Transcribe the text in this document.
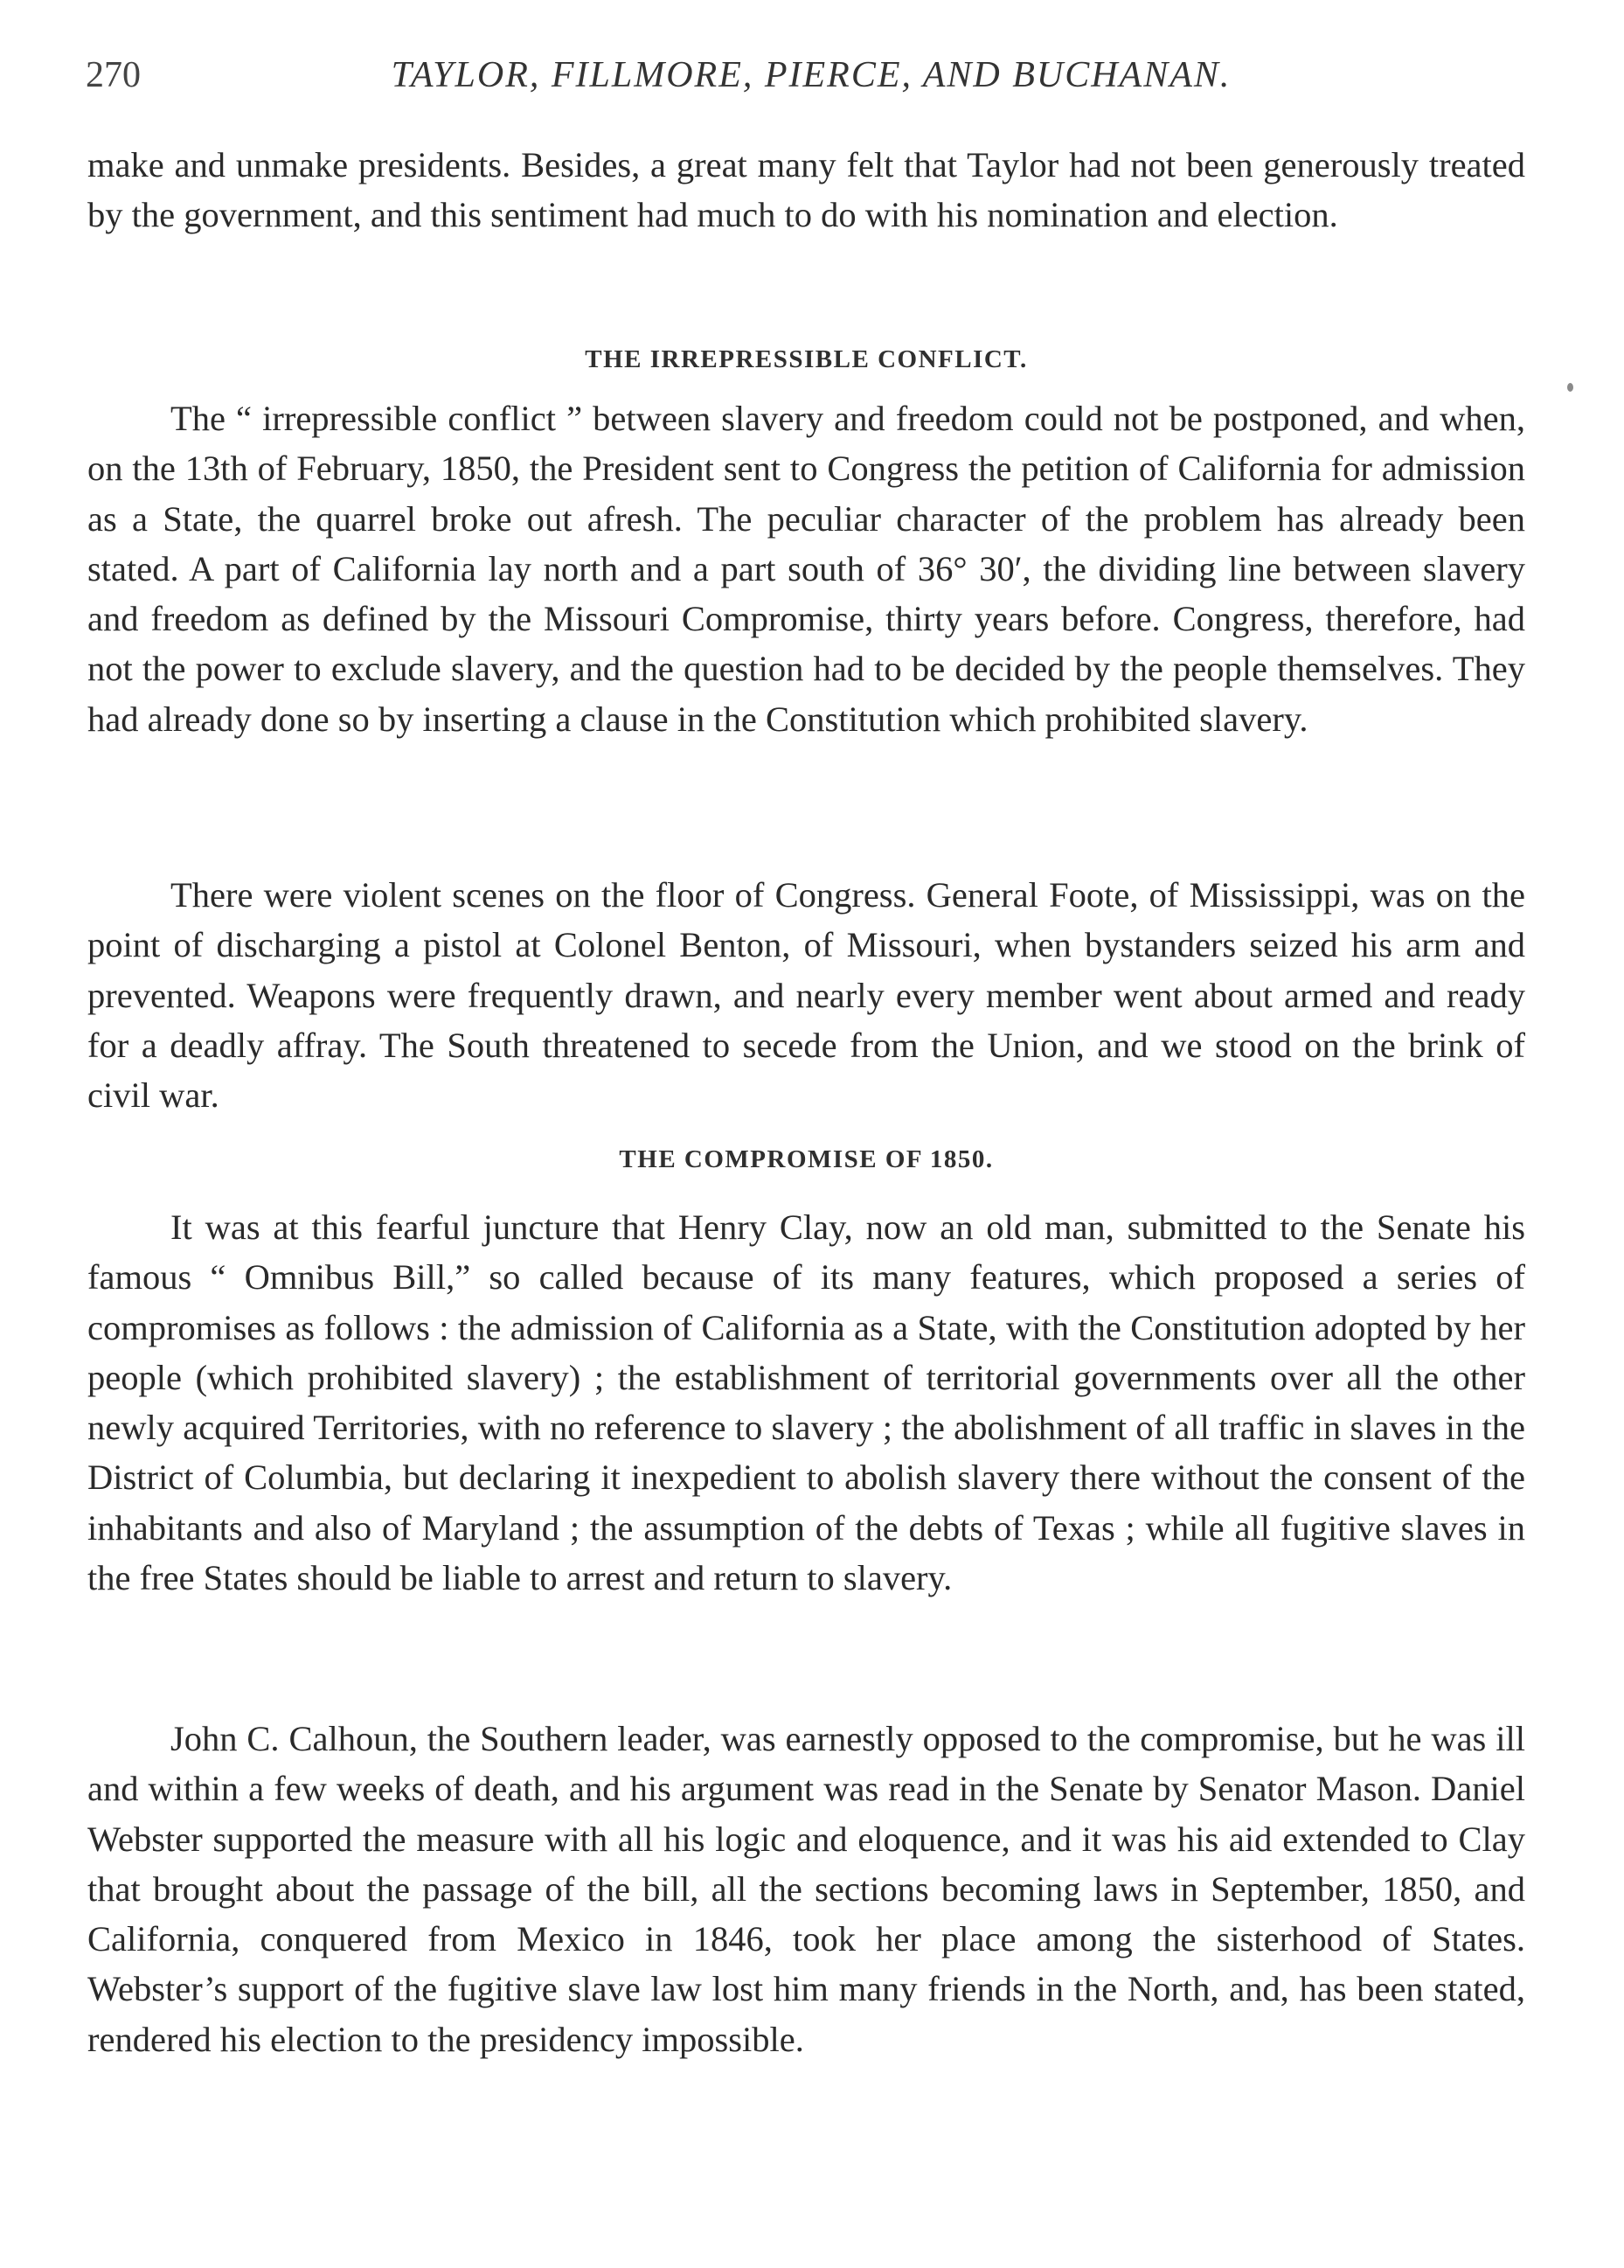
270	TAYLOR, FILLMORE, PIERCE, AND BUCHANAN.

make and unmake presidents. Besides, a great many felt that Taylor had not been generously treated by the government, and this sentiment had much to do with his nomination and election.

THE IRREPRESSIBLE CONFLICT.

The “ irrepressible conflict ” between slavery and freedom could not be postponed, and when, on the 13th of February, 1850, the President sent to Congress the petition of California for admission as a State, the quarrel broke out afresh. The peculiar character of the problem has already been stated. A part of California lay north and a part south of 36° 30′, the dividing line between slavery and freedom as defined by the Missouri Compromise, thirty years before. Congress, therefore, had not the power to exclude slavery, and the question had to be decided by the people themselves. They had already done so by inserting a clause in the Constitution which prohibited slavery.

There were violent scenes on the floor of Congress. General Foote, of Mississippi, was on the point of discharging a pistol at Colonel Benton, of Missouri, when bystanders seized his arm and prevented. Weapons were frequently drawn, and nearly every member went about armed and ready for a deadly affray. The South threatened to secede from the Union, and we stood on the brink of civil war.

THE COMPROMISE OF 1850.

It was at this fearful juncture that Henry Clay, now an old man, submitted to the Senate his famous “ Omnibus Bill,” so called because of its many features, which proposed a series of compromises as follows : the admission of California as a State, with the Constitution adopted by her people (which prohibited slavery) ; the establishment of territorial governments over all the other newly acquired Territories, with no reference to slavery ; the abolishment of all traffic in slaves in the District of Columbia, but declaring it inexpedient to abolish slavery there without the consent of the inhabitants and also of Maryland ; the assumption of the debts of Texas ; while all fugitive slaves in the free States should be liable to arrest and return to slavery.

John C. Calhoun, the Southern leader, was earnestly opposed to the compromise, but he was ill and within a few weeks of death, and his argument was read in the Senate by Senator Mason. Daniel Webster supported the measure with all his logic and eloquence, and it was his aid extended to Clay that brought about the passage of the bill, all the sections becoming laws in September, 1850, and California, conquered from Mexico in 1846, took her place among the sisterhood of States. Webster’s support of the fugitive slave law lost him many friends in the North, and, has been stated, rendered his election to the presidency impossible.
